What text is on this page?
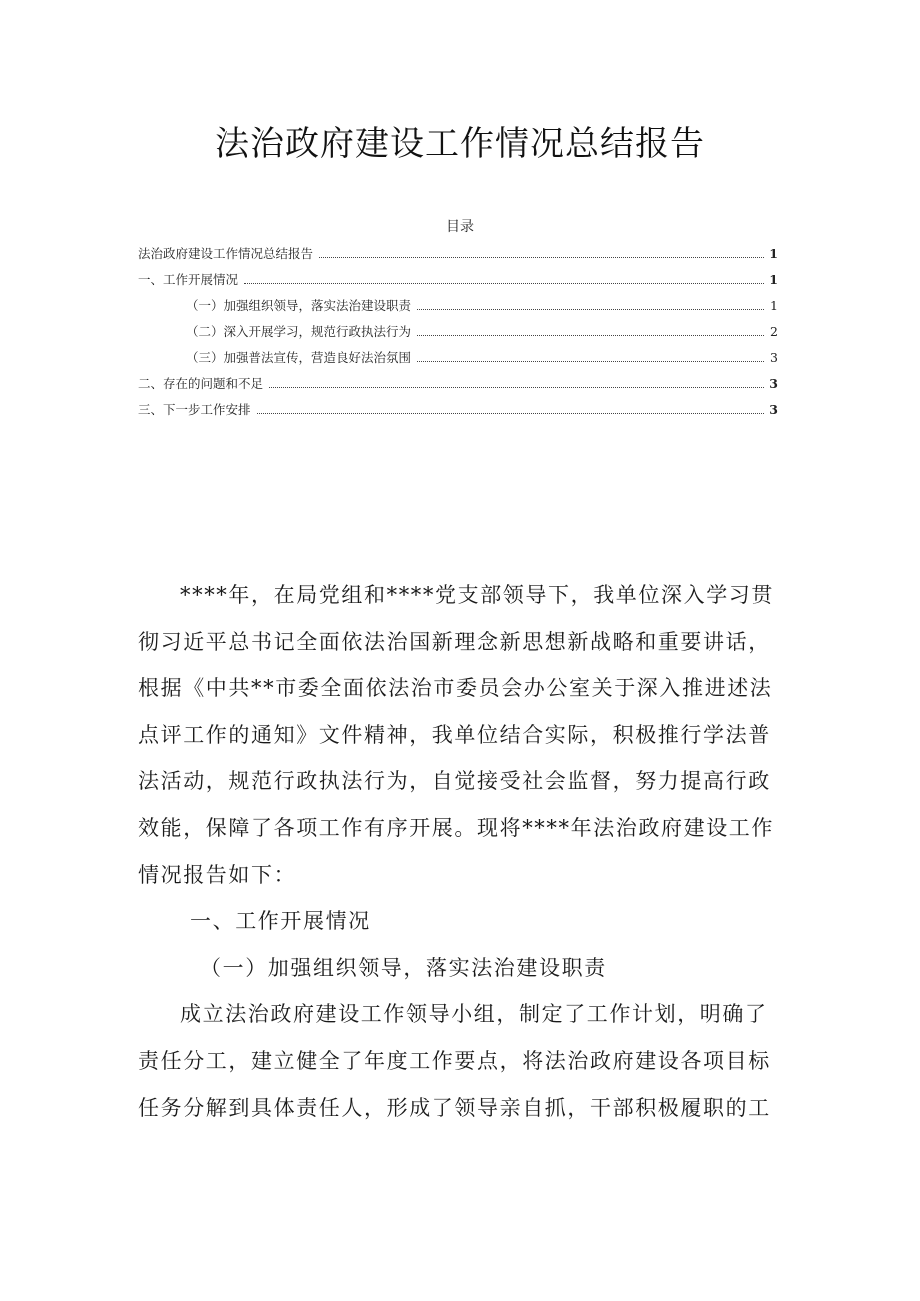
法治政府建设工作情况总结报告
目录
法治政府建设工作情况总结报告	1
一、工作开展情况	1
（一）加强组织领导，落实法治建设职责	1
（二）深入开展学习，规范行政执法行为	2
（三）加强普法宣传，营造良好法治氛围	3
二、存在的问题和不足	3
三、下一步工作安排	3

****年，在局党组和****党支部领导下，我单位深入学习贯彻习近平总书记全面依法治国新理念新思想新战略和重要讲话，根据《中共**市委全面依法治市委员会办公室关于深入推进述法点评工作的通知》文件精神，我单位结合实际，积极推行学法普法活动，规范行政执法行为，自觉接受社会监督，努力提高行政效能，保障了各项工作有序开展。现将****年法治政府建设工作情况报告如下：

一、工作开展情况

（一）加强组织领导，落实法治建设职责

成立法治政府建设工作领导小组，制定了工作计划，明确了责任分工，建立健全了年度工作要点，将法治政府建设各项目标任务分解到具体责任人，形成了领导亲自抓，干部积极履职的工
